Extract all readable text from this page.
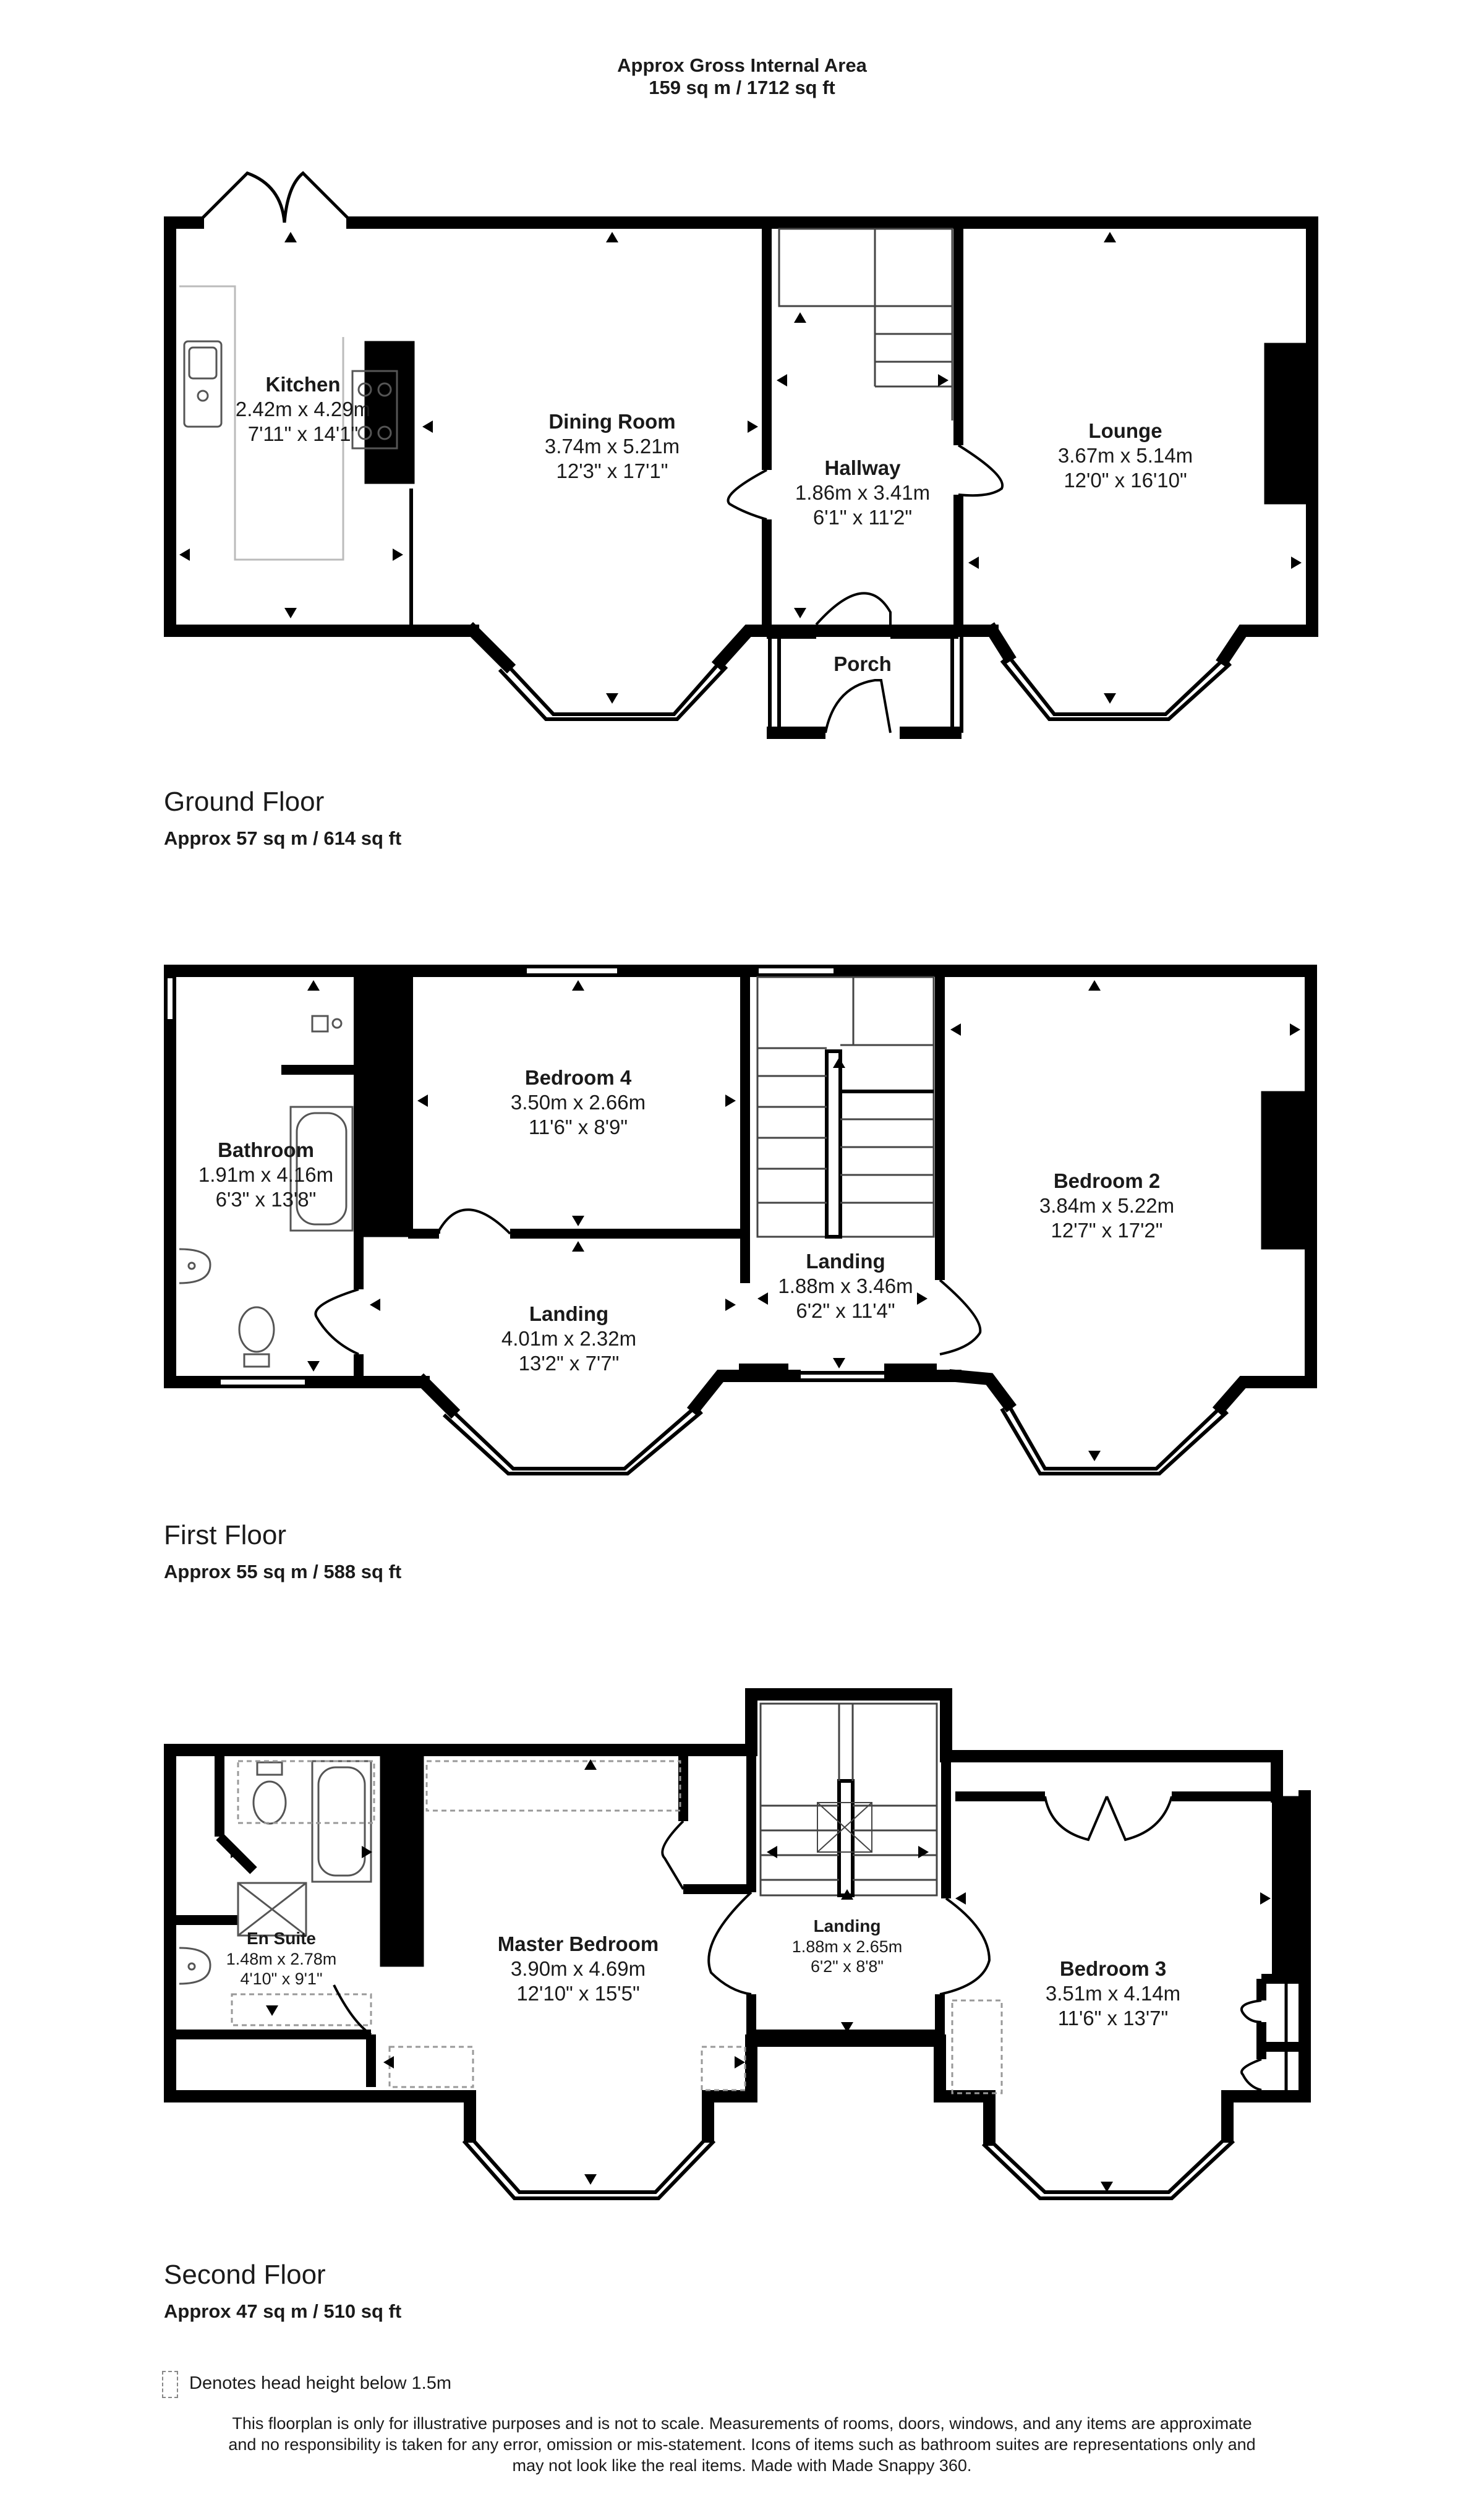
Approx Gross Internal Area
159 sq m / 1712 sq ft
Kitchen
2.42m x 4.29m
7'11" x 14'1"
Dining Room
3.74m x 5.21m
12'3" x 17'1"	Hallway
1.86m x 3.41m
6'1" x 11'2"
Lounge
3.67m x 5.14m
12'0" x 16'10"
Porch
Ground Floor
Approx 57 sq m / 614 sq ft
Bathroom
1.91m x 4.16m
6'3" x 13'8"
Bedroom 4
3.50m x 2.66m
11'6" x 8'9"
Landing
4.01m x 2.32m
13'2" x 7'7"
Landing
1.88m x 3.46m
6'2" x 11'4"
Bedroom 2
3.84m x 5.22m
12'7" x 17'2"
First Floor
Approx 55 sq m / 588 sq ft
En Suite
1.48m x 2.78m
4'10" x 9'1"
Master Bedroom
3.90m x 4.69m
12'10" x 15'5"
Landing
1.88m x 2.65m
6'2" x 8'8"	Bedroom 3
3.51m x 4.14m
11'6" x 13'7"
Second Floor
Approx 47 sq m / 510 sq ft
Denotes head height below 1.5m
This floorplan is only for illustrative purposes and is not to scale. Measurements of rooms, doors, windows, and any items are approximate
and no responsibility is taken for any error, omission or mis-statement. Icons of items such as bathroom suites are representations only and
may not look like the real items. Made with Made Snappy 360.
